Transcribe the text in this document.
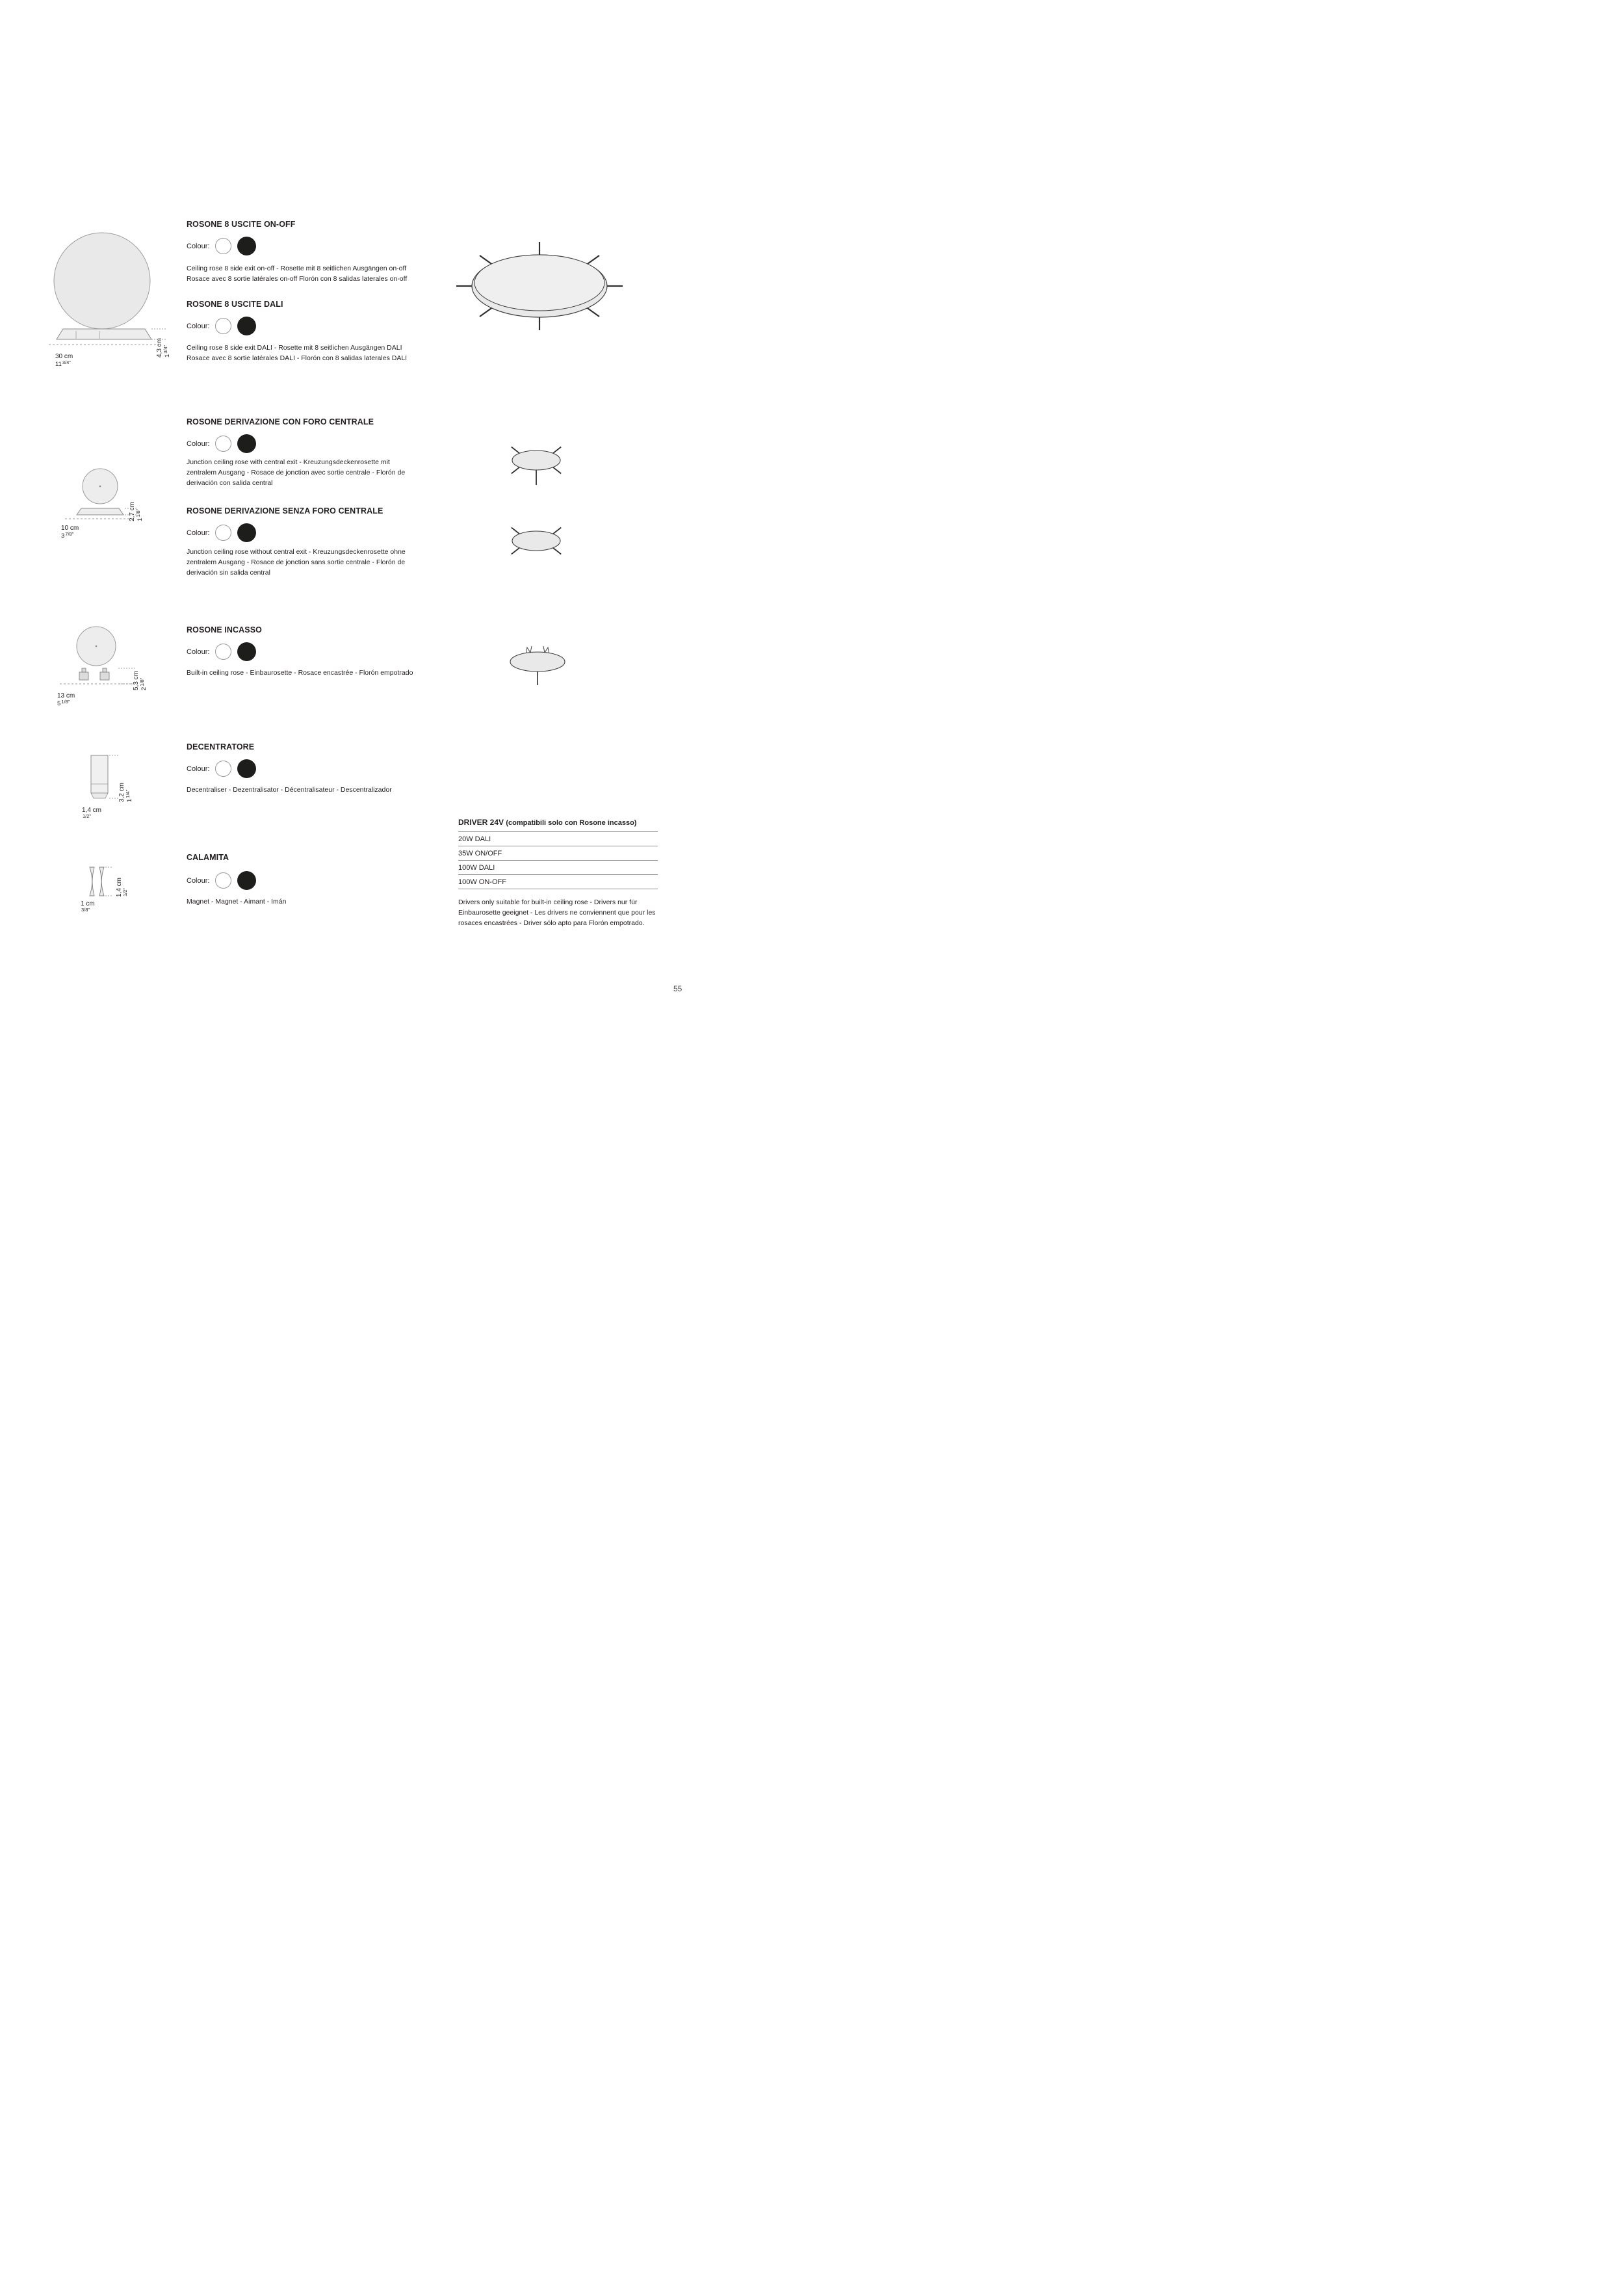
30 cm
$11^{3/4”}$
4,3 cm $1^{3/4”}$
ROSONE 8 USCITE ON-OFF
Colour:

Ceiling rose 8 side exit on-off - Rosette mit 8 seitlichen Ausgängen on-off Rosace avec 8 sortie latérales on-off Florón con 8 salidas laterales on-off

ROSONE 8 USCITE DALI
Colour:

Ceiling rose 8 side exit DALI - Rosette mit 8 seitlichen Ausgängen DALI Rosace avec 8 sortie latérales DALI - Florón con 8 salidas laterales DALI

10 cm
$3^{7/8”}$
2,7 cm $1^{1/8”}$
ROSONE DERIVAZIONE CON FORO CENTRALE
Colour:

Junction ceiling rose with central exit - Kreuzungsdeckenrosette mit zentralem Ausgang - Rosace de jonction avec sortie centrale - Florón de derivación con salida central

ROSONE DERIVAZIONE SENZA FORO CENTRALE
Colour:

Junction ceiling rose without central exit - Kreuzungsdeckenrosette ohne zentralem Ausgang - Rosace de jonction sans sortie centrale - Florón de derivación sin salida central

13 cm
$5^{1/8”}$
5,3 cm $2^{1/8”}$
ROSONE INCASSO
Colour:

Built-in ceiling rose - Einbaurosette - Rosace encastrée - Florón empotrado

1,4 cm
$^{1/2”}$
3,2 cm $1^{1/4”}$
DECENTRATORE
Colour:

Decentraliser - Dezentralisator - Décentralisateur - Descentralizador

1 cm
$^{3/8”}$
1,4 cm $^{1/2”}$
CALAMITA
Colour:

Magnet - Magnet - Aimant - Imán

DRIVER 24V (compatibili solo con Rosone incasso)
20W DALI
35W ON/OFF
100W DALI
100W ON-OFF
Drivers only suitable for built-in ceiling rose - Drivers nur für Einbaurosette geeignet - Les drivers ne conviennent que pour les rosaces encastrées - Driver sólo apto para Florón empotrado.
55
